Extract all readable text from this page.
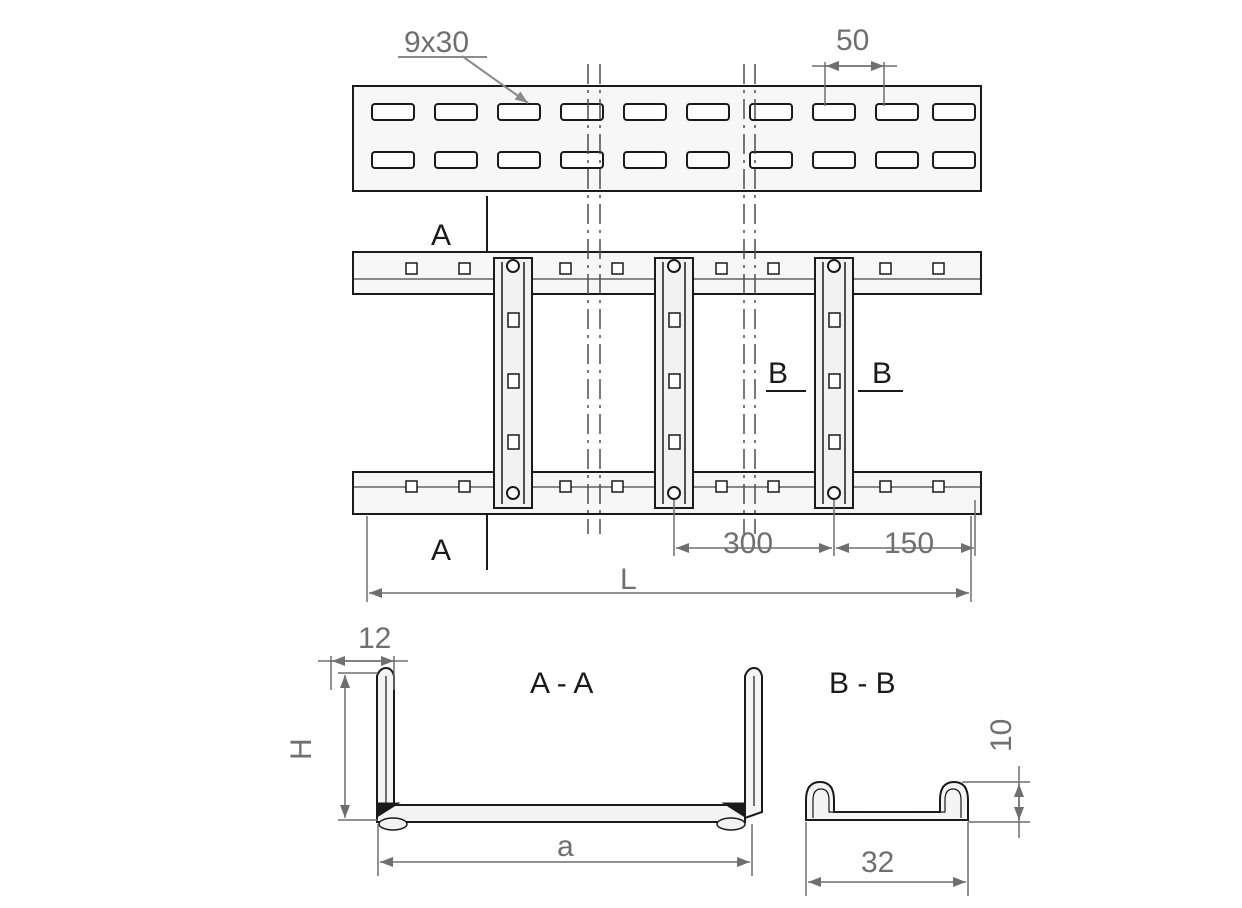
9x30	50
A
A
B	B
300	150
L
A - A
12
H
a
B - B
10
32
